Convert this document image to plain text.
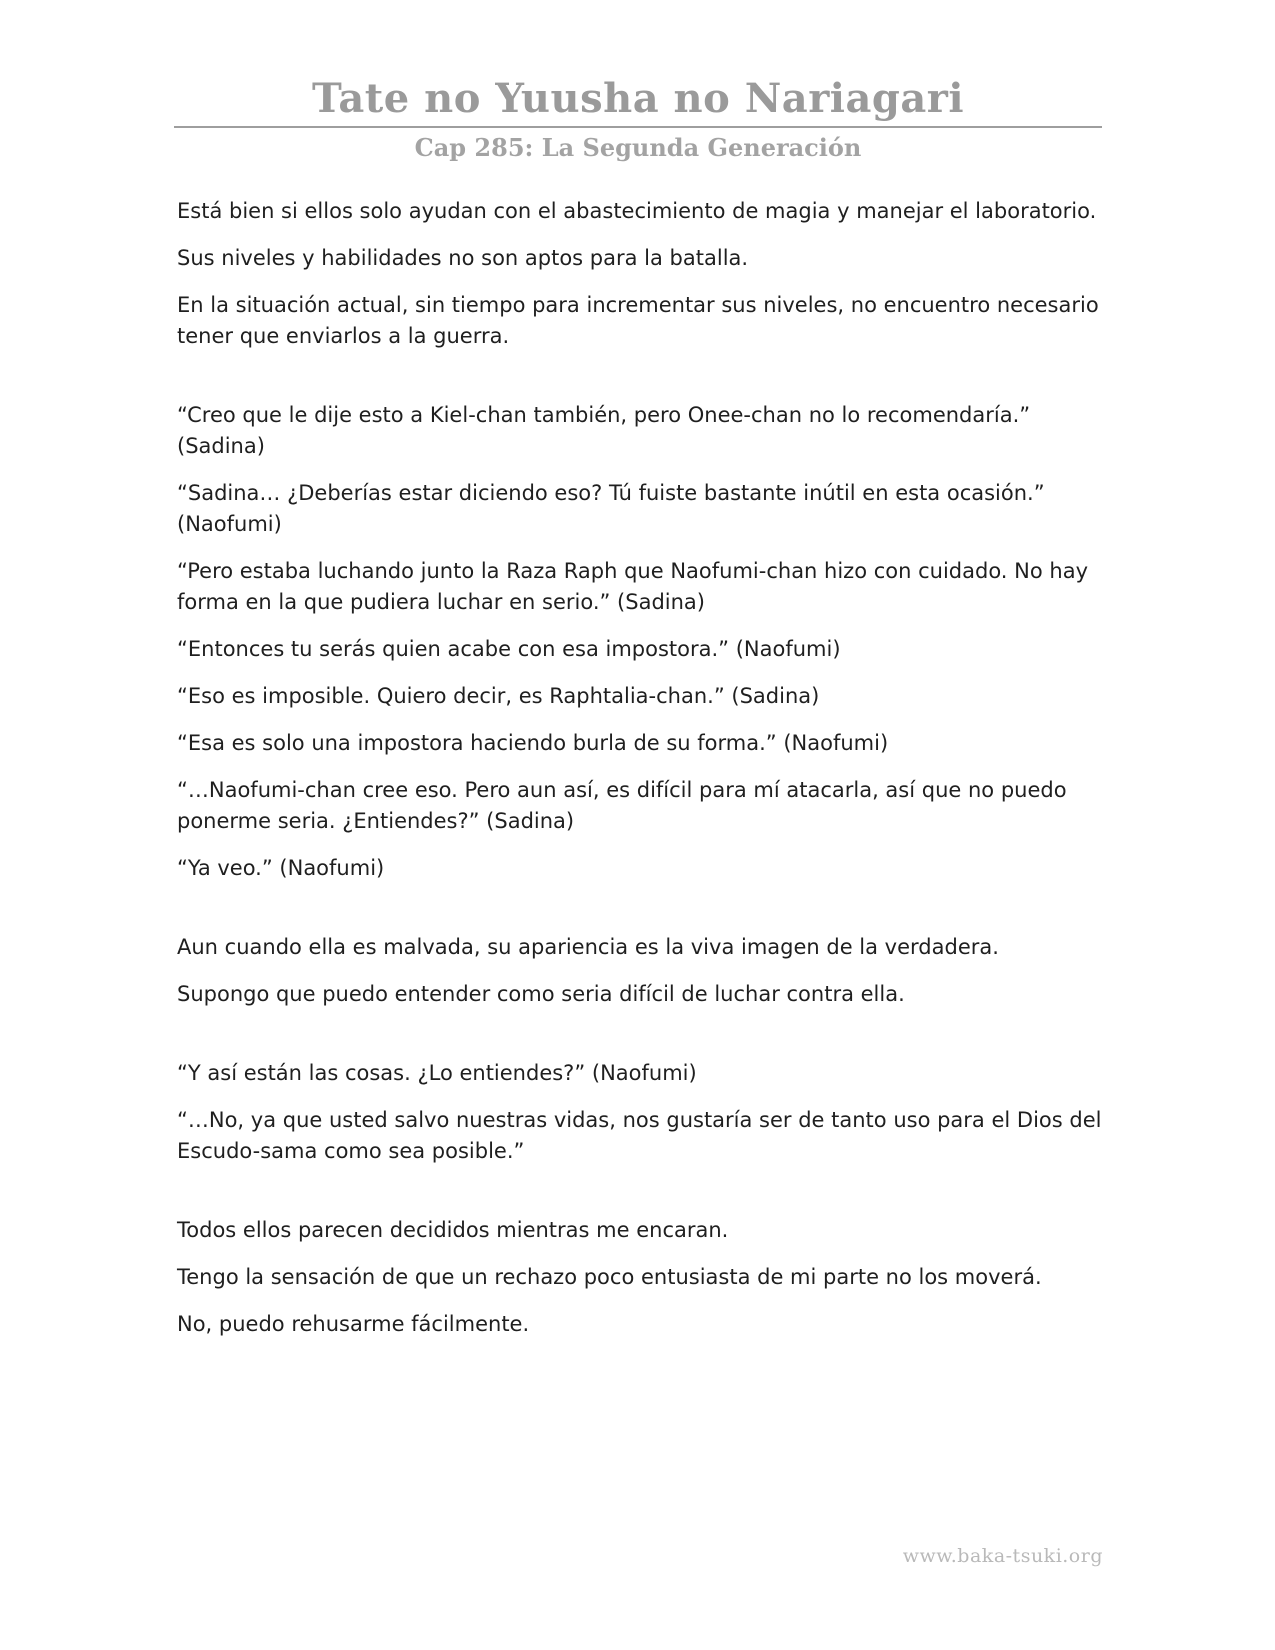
Tate no Yuusha no Nariagari
Cap 285: La Segunda Generación

Está bien si ellos solo ayudan con el abastecimiento de magia y manejar el laboratorio.

Sus niveles y habilidades no son aptos para la batalla.

En la situación actual, sin tiempo para incrementar sus niveles, no encuentro necesario tener que enviarlos a la guerra.

“Creo que le dije esto a Kiel-chan también, pero Onee-chan no lo recomendaría.” (Sadina)

“Sadina… ¿Deberías estar diciendo eso? Tú fuiste bastante inútil en esta ocasión.” (Naofumi)

“Pero estaba luchando junto la Raza Raph que Naofumi-chan hizo con cuidado. No hay forma en la que pudiera luchar en serio.” (Sadina)

“Entonces tu serás quien acabe con esa impostora.” (Naofumi)

“Eso es imposible. Quiero decir, es Raphtalia-chan.” (Sadina)

“Esa es solo una impostora haciendo burla de su forma.” (Naofumi)

“…Naofumi-chan cree eso. Pero aun así, es difícil para mí atacarla, así que no puedo ponerme seria. ¿Entiendes?” (Sadina)

“Ya veo.” (Naofumi)

Aun cuando ella es malvada, su apariencia es la viva imagen de la verdadera.

Supongo que puedo entender como seria difícil de luchar contra ella.

“Y así están las cosas. ¿Lo entiendes?” (Naofumi)

“…No, ya que usted salvo nuestras vidas, nos gustaría ser de tanto uso para el Dios del Escudo-sama como sea posible.”

Todos ellos parecen decididos mientras me encaran.

Tengo la sensación de que un rechazo poco entusiasta de mi parte no los moverá.

No, puedo rehusarme fácilmente.

www.baka-tsuki.org
